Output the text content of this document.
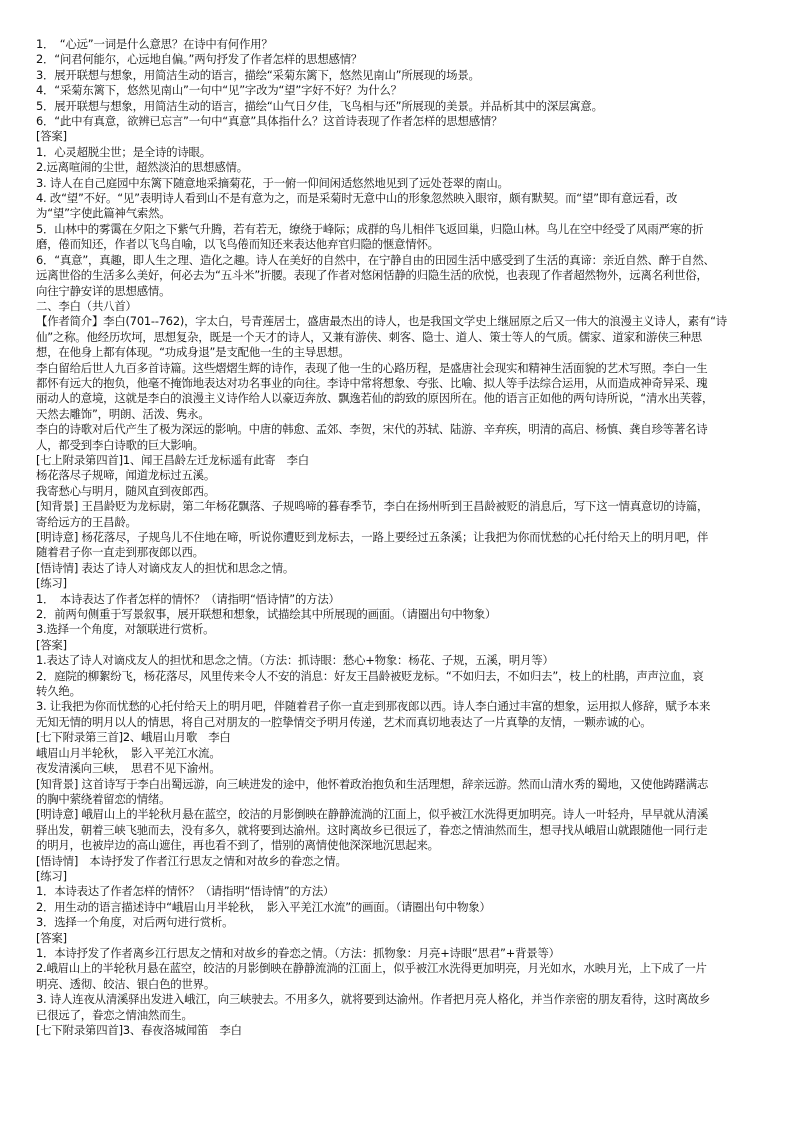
1．　“心远”一词是什么意思？在诗中有何作用？
2．“问君何能尔，心远地自偏。”两句抒发了作者怎样的思想感情？
3．展开联想与想象，用简洁生动的语言，描绘“采菊东篱下，悠然见南山”所展现的场景。
4．“采菊东篱下，悠然见南山”一句中“见”字改为“望”字好不好？为什么？
5．展开联想与想象，用简洁生动的语言，描绘“山气日夕佳，飞鸟相与还”所展现的美景。并品析其中的深层寓意。
6．“此中有真意，欲辨已忘言”一句中“真意”具体指什么？这首诗表现了作者怎样的思想感情？
[答案]
1．心灵超脱尘世；是全诗的诗眼。
2.远离喧闹的尘世，超然淡泊的思想感情。
3. 诗人在自己庭园中东篱下随意地采摘菊花，于一俯一仰间闲适悠然地见到了远处苍翠的南山。
4. 改“望”不好。“见”表明诗人看到山不是有意为之，而是采菊时无意中山的形象忽然映入眼帘，颇有默契。而“望”即有意远看，改
为“望”字使此篇神气索然。
5．山林中的雾霭在夕阳之下紫气升腾，若有若无，缭绕于峰际；成群的鸟儿相伴飞返回巢，归隐山林。鸟儿在空中经受了风雨严寒的折
磨，倦而知还，作者以飞鸟自喻，以飞鸟倦而知还来表达他弃官归隐的惬意情怀。
6．“真意”，真趣，即人生之理、造化之趣。诗人在美好的自然中，在宁静自由的田园生活中感受到了生活的真谛：亲近自然、醉于自然、
远离世俗的生活多么美好，何必去为“五斗米”折腰。表现了作者对悠闲恬静的归隐生活的欣悦，也表现了作者超然物外，远离名利世俗，
向往宁静安详的思想感情。
二、李白（共八首）
【作者简介】李白(701--762)，字太白，号青莲居士，盛唐最杰出的诗人，也是我国文学史上继屈原之后又一伟大的浪漫主义诗人，素有“诗
仙”之称。他经历坎坷，思想复杂，既是一个天才的诗人，又兼有游侠、刺客、隐士、道人、策士等人的气质。儒家、道家和游侠三种思
想，在他身上都有体现。“功成身退”是支配他一生的主导思想。
李白留给后世人九百多首诗篇。这些熠熠生辉的诗作，表现了他一生的心路历程，是盛唐社会现实和精神生活面貌的艺术写照。李白一生
都怀有远大的抱负，他毫不掩饰地表达对功名事业的向往。李诗中常将想象、夸张、比喻、拟人等手法综合运用，从而造成神奇异采、瑰
丽动人的意境，这就是李白的浪漫主义诗作给人以豪迈奔放、飘逸若仙的韵致的原因所在。他的语言正如他的两句诗所说，“清水出芙蓉，
天然去雕饰”，明朗、活泼、隽永。
李白的诗歌对后代产生了极为深远的影响。中唐的韩愈、孟郊、李贺，宋代的苏轼、陆游、辛弃疾，明清的高启、杨慎、龚自珍等著名诗
人，都受到李白诗歌的巨大影响。
[七上附录第四首]1、闻王昌龄左迁龙标遥有此寄　李白
杨花落尽子规啼，闻道龙标过五溪。
我寄愁心与明月，随风直到夜郎西。
[知背景] 王昌龄贬为龙标尉，第二年杨花飘落、子规鸣啼的暮春季节，李白在扬州听到王昌龄被贬的消息后，写下这一情真意切的诗篇，
寄给远方的王昌龄。
[明诗意] 杨花落尽，子规鸟儿不住地在啼，听说你遭贬到龙标去，一路上要经过五条溪；让我把为你而忧愁的心托付给天上的明月吧，伴
随着君子你一直走到那夜郎以西。
[悟诗情] 表达了诗人对谪戍友人的担忧和思念之情。
[练习]
1．　本诗表达了作者怎样的情怀？（请指明“悟诗情”的方法）
2．前两句侧重于写景叙事，展开联想和想象，试描绘其中所展现的画面。（请圈出句中物象）
3.选择一个角度，对颔联进行赏析。
[答案]
1.表达了诗人对谪戍友人的担忧和思念之情。（方法：抓诗眼：愁心+物象：杨花、子规，五溪，明月等）
2．庭院的柳絮纷飞，杨花落尽，风里传来令人不安的消息：好友王昌龄被贬龙标。“不如归去，不如归去”，枝上的杜鹃，声声泣血，哀
转久绝。
3. 让我把为你而忧愁的心托付给天上的明月吧，伴随着君子你一直走到那夜郎以西。诗人李白通过丰富的想象，运用拟人修辞，赋予本来
无知无情的明月以人的情思，将自己对朋友的一腔挚情交予明月传递，艺术而真切地表达了一片真挚的友情，一颗赤诚的心。
[七下附录第三首]2、峨眉山月歌　李白
峨眉山月半轮秋，　影入平羌江水流。
夜发清溪向三峡，　思君不见下渝州。
[知背景] 这首诗写于李白出蜀远游，向三峡进发的途中，他怀着政治抱负和生活理想，辞亲远游。然而山清水秀的蜀地，又使他踌躇满志
的胸中萦绕着留恋的情绪。
[明诗意] 峨眉山上的半轮秋月悬在蓝空，皎洁的月影倒映在静静流淌的江面上，似乎被江水洗得更加明亮。诗人一叶轻舟，早早就从清溪
驿出发，朝着三峡飞驰而去，没有多久，就将要到达渝州。这时离故乡已很远了，眷恋之情油然而生，想寻找从峨眉山就跟随他一同行走
的明月，也被岸边的高山遮住，再也看不到了，惜别的离情使他深深地沉思起来。
[悟诗情]　本诗抒发了作者江行思友之情和对故乡的眷恋之情。
[练习]
1．本诗表达了作者怎样的情怀？（请指明“悟诗情”的方法）
2．用生动的语言描述诗中“峨眉山月半轮秋，　影入平羌江水流”的画面。（请圈出句中物象）
3．选择一个角度，对后两句进行赏析。
[答案]
1．本诗抒发了作者离乡江行思友之情和对故乡的眷恋之情。（方法：抓物象：月亮+诗眼“思君”+背景等）
2.峨眉山上的半轮秋月悬在蓝空，皎洁的月影倒映在静静流淌的江面上，似乎被江水洗得更加明亮，月光如水，水映月光，上下成了一片
明亮、透彻、皎洁、银白色的世界。
3. 诗人连夜从清溪驿出发进入峨江，向三峡驶去。不用多久，就将要到达渝州。作者把月亮人格化，并当作亲密的朋友看待，这时离故乡
已很远了，眷恋之情油然而生。
[七下附录第四首]3、春夜洛城闻笛　李白
